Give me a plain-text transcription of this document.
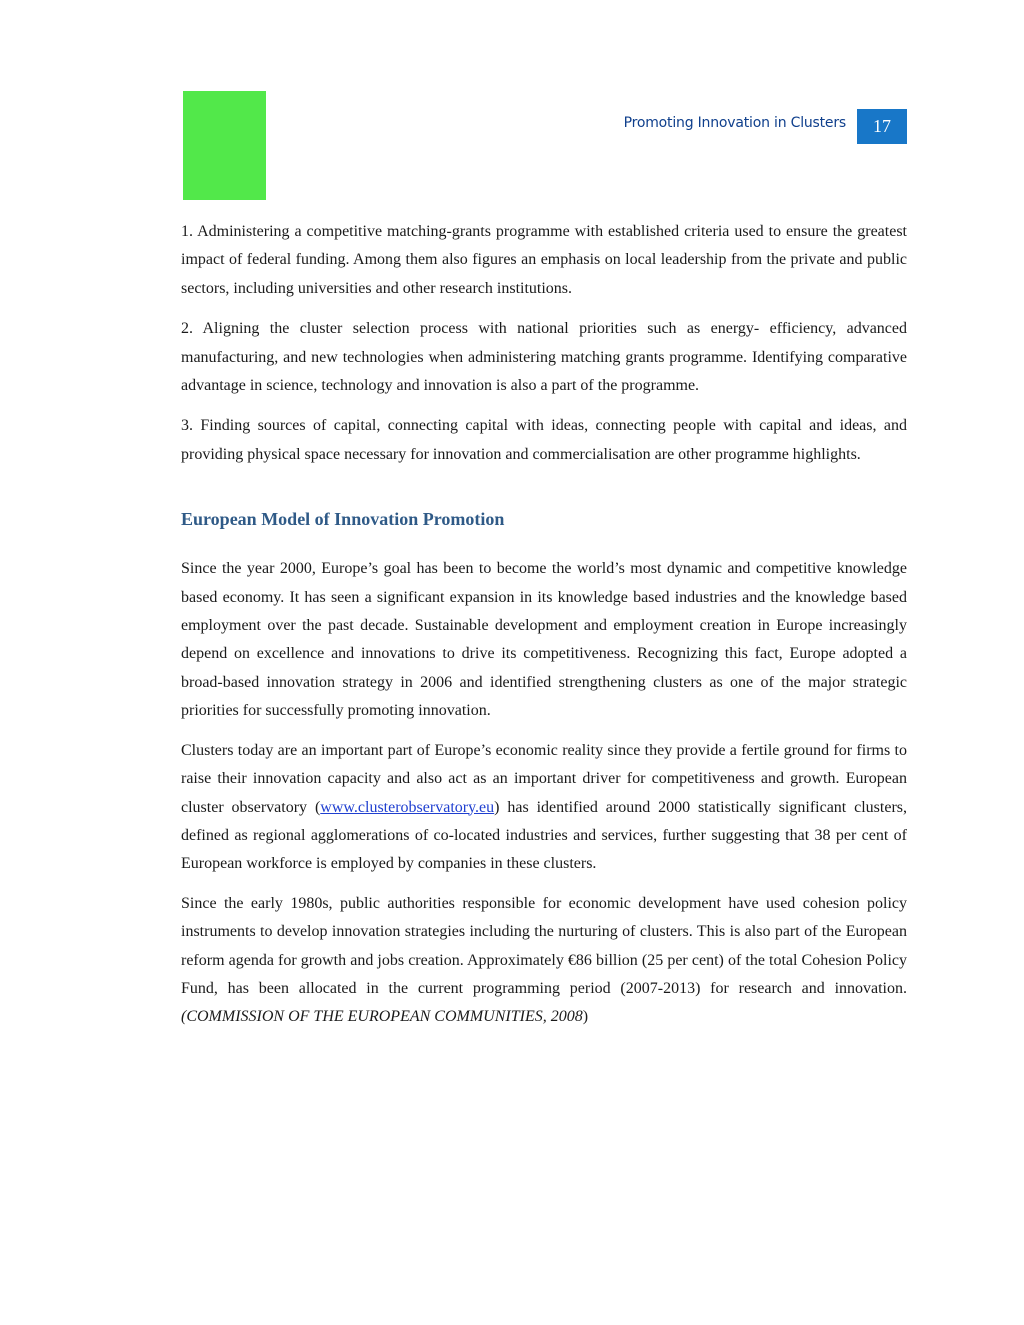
Promoting Innovation in Clusters 17

1. Administering a competitive matching-grants programme with established criteria used to ensure the greatest impact of federal funding. Among them also figures an emphasis on local leadership from the private and public sectors, including universities and other research institutions.

2. Aligning the cluster selection process with national priorities such as energy- efficiency, advanced manufacturing, and new technologies when administering matching grants programme. Identifying comparative advantage in science, technology and innovation is also a part of the programme.

3. Finding sources of capital, connecting capital with ideas, connecting people with capital and ideas, and providing physical space necessary for innovation and commercialisation are other programme highlights.

European Model of Innovation Promotion

Since the year 2000, Europe’s goal has been to become the world’s most dynamic and competitive knowledge based economy. It has seen a significant expansion in its knowledge based industries and the knowledge based employment over the past decade. Sustainable development and employment creation in Europe increasingly depend on excellence and innovations to drive its competitiveness. Recognizing this fact, Europe adopted a broad-based innovation strategy in 2006 and identified strengthening clusters as one of the major strategic priorities for successfully promoting innovation.

Clusters today are an important part of Europe’s economic reality since they provide a fertile ground for firms to raise their innovation capacity and also act as an important driver for competitiveness and growth. European cluster observatory (www.clusterobservatory.eu) has identified around 2000 statistically significant clusters, defined as regional agglomerations of co-located industries and services, further suggesting that 38 per cent of European workforce is employed by companies in these clusters.

Since the early 1980s, public authorities responsible for economic development have used cohesion policy instruments to develop innovation strategies including the nurturing of clusters. This is also part of the European reform agenda for growth and jobs creation. Approximately €86 billion (25 per cent) of the total Cohesion Policy Fund, has been allocated in the current programming period (2007-2013) for research and innovation. (COMMISSION OF THE EUROPEAN COMMUNITIES, 2008)
